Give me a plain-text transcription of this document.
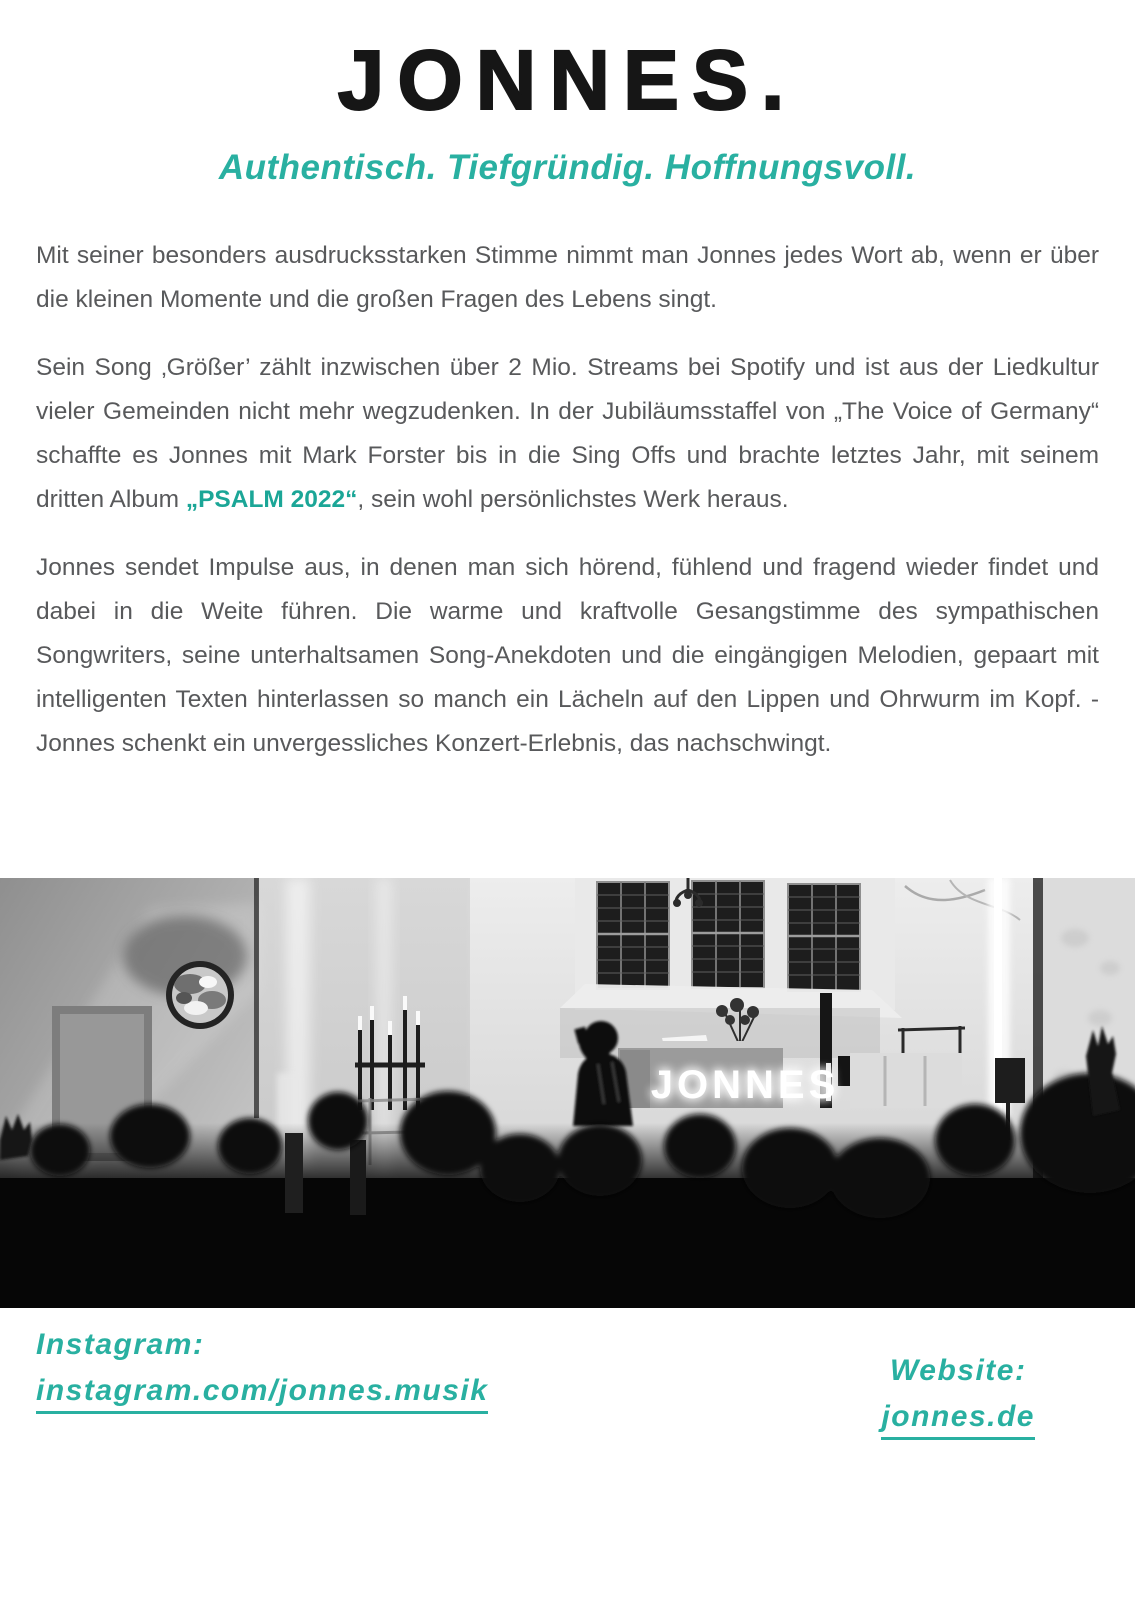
JONNES.
Authentisch. Tiefgründig. Hoffnungsvoll.

Mit seiner besonders ausdrucksstarken Stimme nimmt man Jonnes jedes Wort ab, wenn er über die kleinen Momente und die großen Fragen des Lebens singt.

Sein Song ‚Größer’ zählt inzwischen über 2 Mio. Streams bei Spotify und ist aus der Liedkultur vieler Gemeinden nicht mehr wegzudenken. In der Jubiläumsstaffel von „The Voice of Germany“ schaffte es Jonnes mit Mark Forster bis in die Sing Offs und brachte letztes Jahr, mit seinem dritten Album „PSALM 2022“, sein wohl persönlichstes Werk heraus.

Jonnes sendet Impulse aus, in denen man sich hörend, fühlend und fragend wieder findet und dabei in die Weite führen. Die warme und kraftvolle Gesangstimme des sympathischen Songwriters, seine unterhaltsamen Song-Anekdoten und die eingängigen Melodien, gepaart mit intelligenten Texten hinterlassen so manch ein Lächeln auf den Lippen und Ohrwurm im Kopf. - Jonnes schenkt ein unvergessliches Konzert-Erlebnis, das nachschwingt.

JONNES
Instagram:
instagram.com/jonnes.musik
Website:
jonnes.de
